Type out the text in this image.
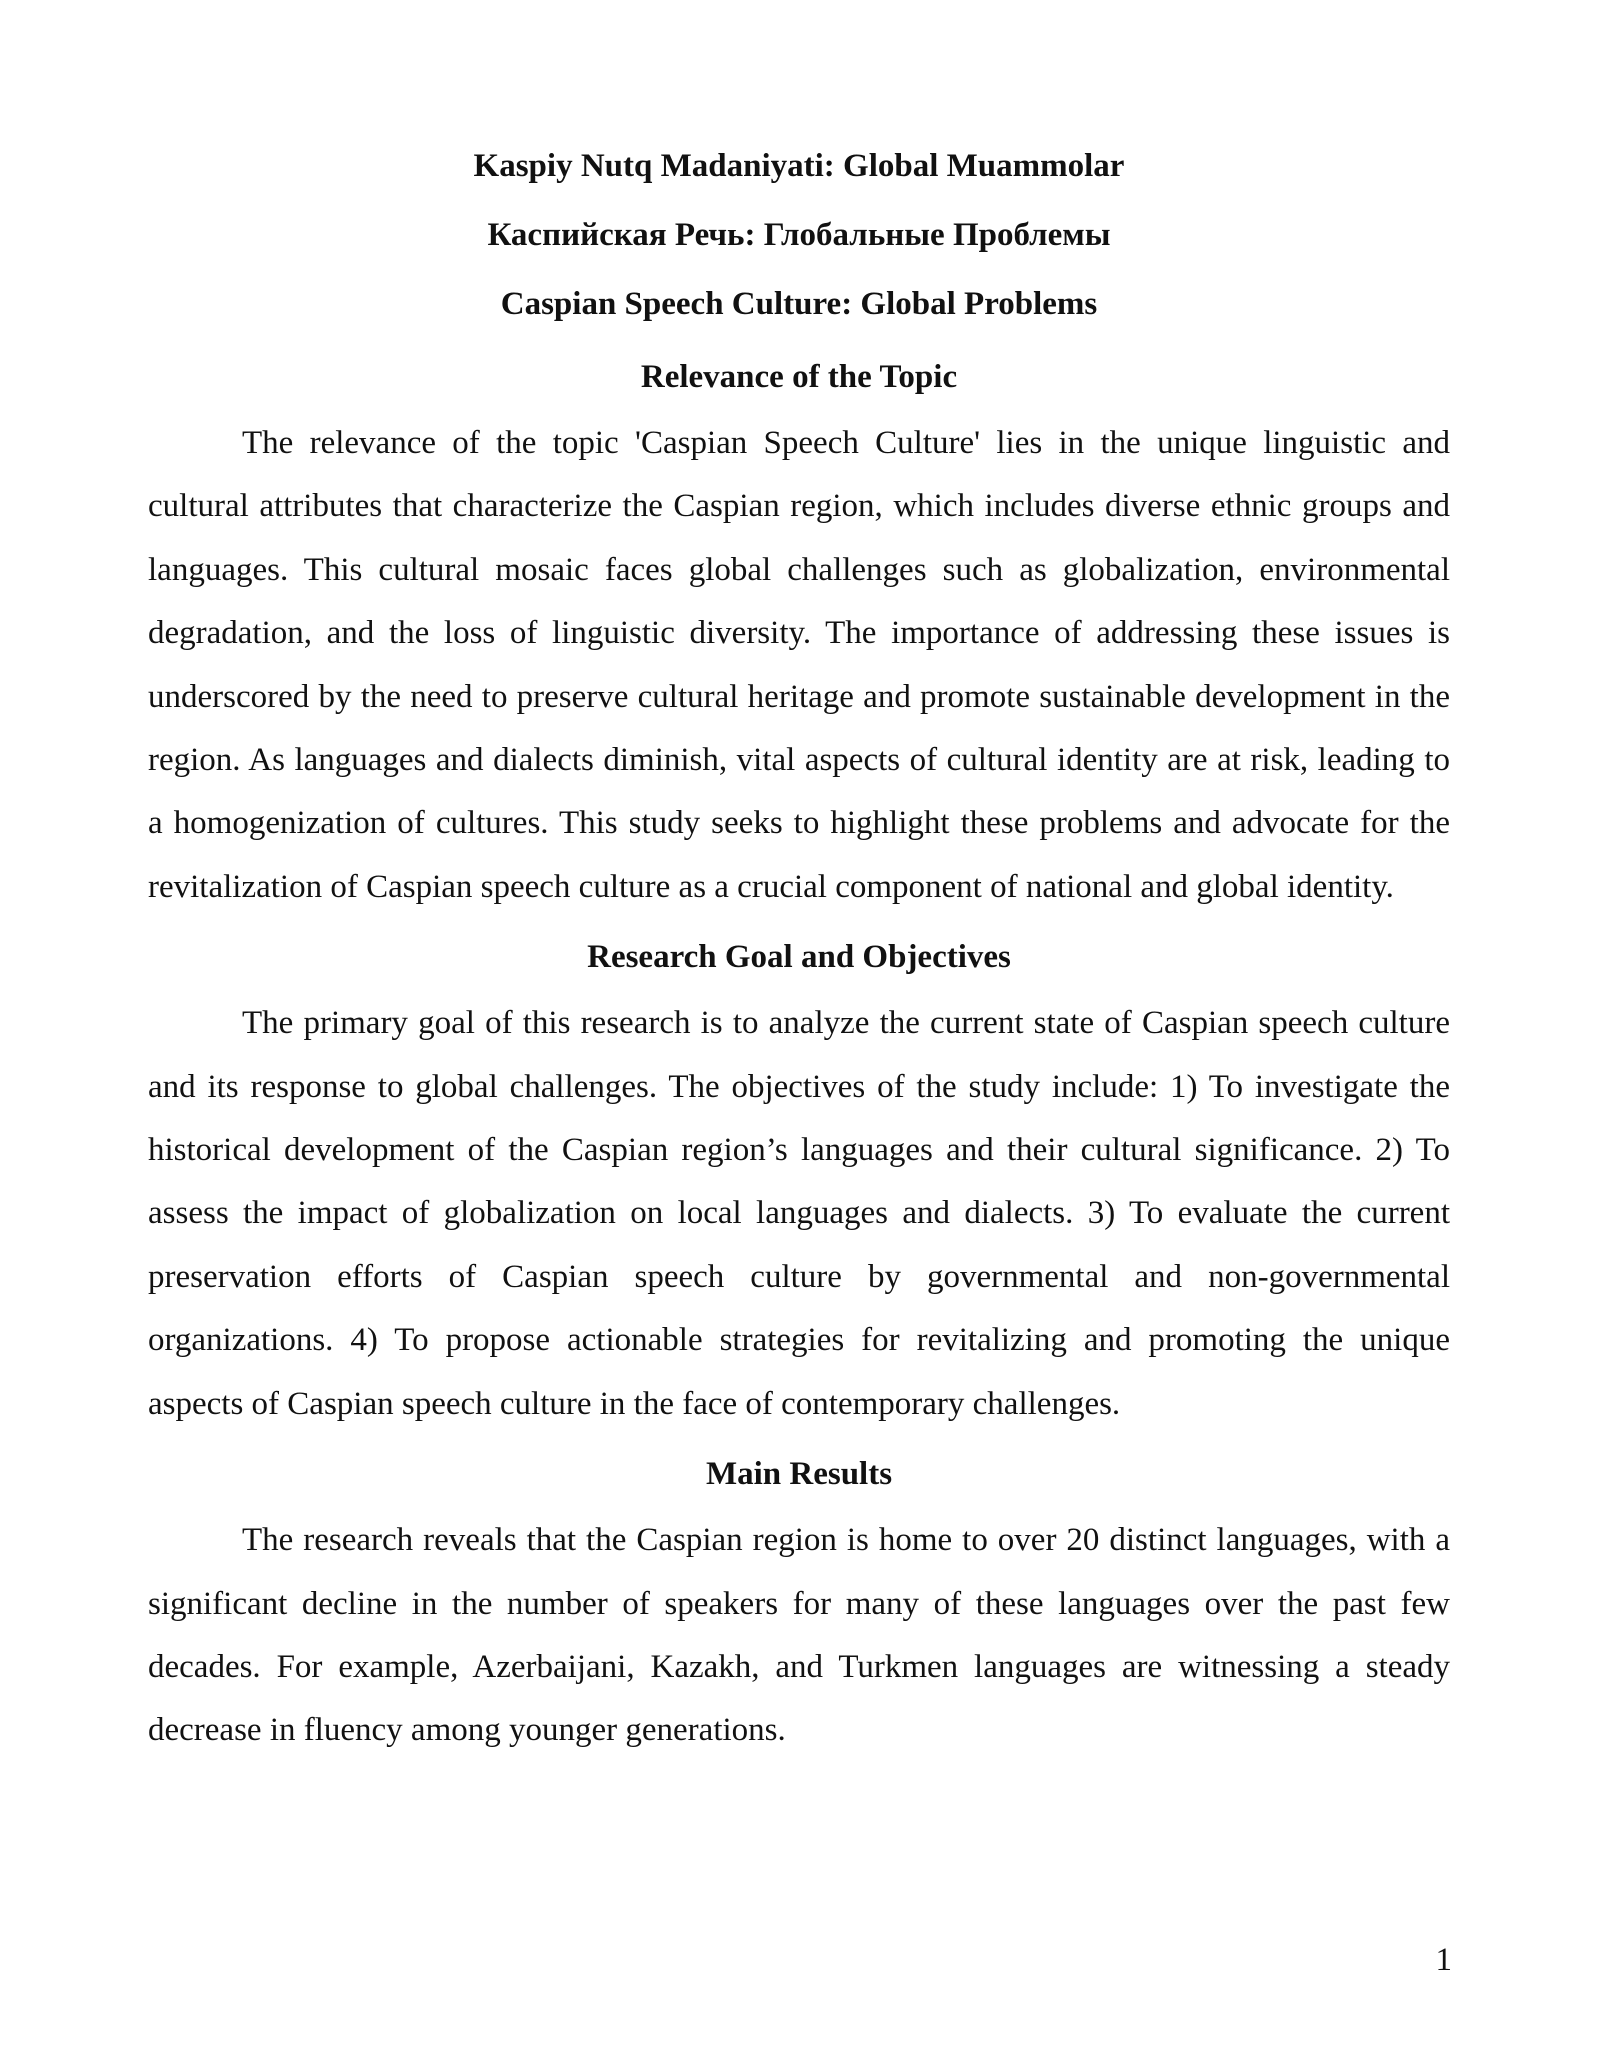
Kaspiy Nutq Madaniyati: Global Muammolar

Каспийская Речь: Глобальные Проблемы

Caspian Speech Culture: Global Problems

Relevance of the Topic

The relevance of the topic 'Caspian Speech Culture' lies in the unique linguistic and cultural attributes that characterize the Caspian region, which includes diverse ethnic groups and languages. This cultural mosaic faces global challenges such as globalization, environmental degradation, and the loss of linguistic diversity. The importance of addressing these issues is underscored by the need to preserve cultural heritage and promote sustainable development in the region. As languages and dialects diminish, vital aspects of cultural identity are at risk, leading to a homogenization of cultures. This study seeks to highlight these problems and advocate for the revitalization of Caspian speech culture as a crucial component of national and global identity.

Research Goal and Objectives

The primary goal of this research is to analyze the current state of Caspian speech culture and its response to global challenges. The objectives of the study include: 1) To investigate the historical development of the Caspian region’s languages and their cultural significance. 2) To assess the impact of globalization on local languages and dialects. 3) To evaluate the current preservation efforts of Caspian speech culture by governmental and non-governmental organizations. 4) To propose actionable strategies for revitalizing and promoting the unique aspects of Caspian speech culture in the face of contemporary challenges.

Main Results

The research reveals that the Caspian region is home to over 20 distinct languages, with a significant decline in the number of speakers for many of these languages over the past few decades. For example, Azerbaijani, Kazakh, and Turkmen languages are witnessing a steady decrease in fluency among younger generations.

1
